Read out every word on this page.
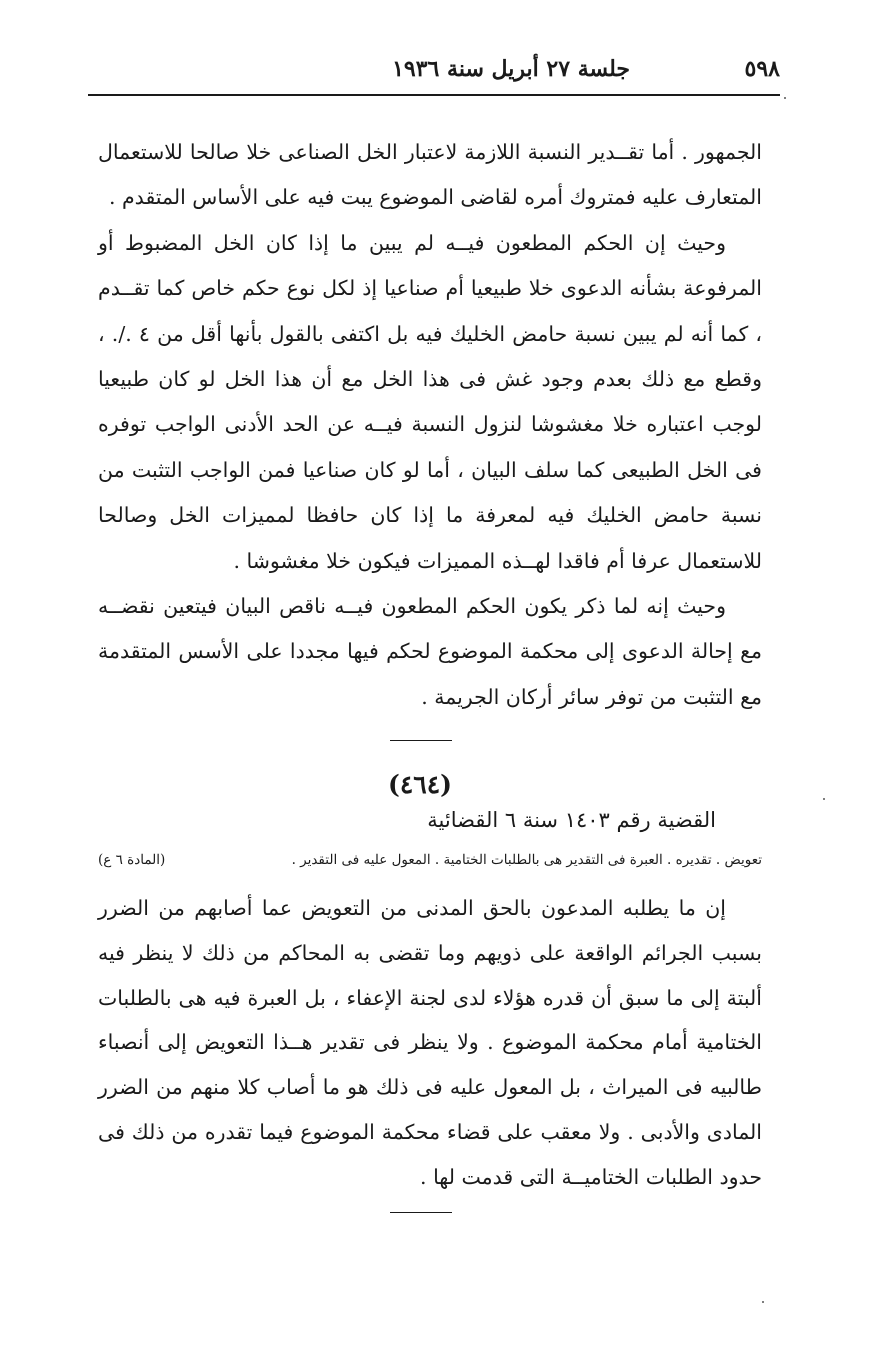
٥٩٨
جلسة ٢٧ أبريل سنة ١٩٣٦

الجمهور . أما تقــدير النسبة اللازمة لاعتبار الخل الصناعى خلا صالحا للاستعمال المتعارف عليه فمتروك أمره لقاضى الموضوع يبت فيه على الأساس المتقدم .

وحيث إن الحكم المطعون فيــه لم يبين ما إذا كان الخل المضبوط أو المرفوعة بشأنه الدعوى خلا طبيعيا أم صناعيا إذ لكل نوع حكم خاص كما تقــدم ، كما أنه لم يبين نسبة حامض الخليك فيه بل اكتفى بالقول بأنها أقل من ٤ ./. ، وقطع مع ذلك بعدم وجود غش فى هذا الخل مع أن هذا الخل لو كان طبيعيا لوجب اعتباره خلا مغشوشا لنزول النسبة فيــه عن الحد الأدنى الواجب توفره فى الخل الطبيعى كما سلف البيان ، أما لو كان صناعيا فمن الواجب التثبت من نسبة حامض الخليك فيه لمعرفة ما إذا كان حافظا لمميزات الخل وصالحا للاستعمال عرفا أم فاقدا لهــذه المميزات فيكون خلا مغشوشا .

وحيث إنه لما ذكر يكون الحكم المطعون فيــه ناقص البيان فيتعين نقضــه مع إحالة الدعوى إلى محكمة الموضوع لحكم فيها مجددا على الأسس المتقدمة مع التثبت من توفر سائر أركان الجريمة .

(٤٦٤)
القضية رقم ١٤٠٣ سنة ٦ القضائية
تعويض . تقديره . العبرة فى التقدير هى بالطلبات الختامية . المعول عليه فى التقدير .
(المادة ٦ ع)

إن ما يطلبه المدعون بالحق المدنى من التعويض عما أصابهم من الضرر بسبب الجرائم الواقعة على ذويهم وما تقضى به المحاكم من ذلك لا ينظر فيه ألبتة إلى ما سبق أن قدره هؤلاء لدى لجنة الإعفاء ، بل العبرة فيه هى بالطلبات الختامية أمام محكمة الموضوع . ولا ينظر فى تقدير هــذا التعويض إلى أنصباء طالبيه فى الميراث ، بل المعول عليه فى ذلك هو ما أصاب كلا منهم من الضرر المادى والأدبى . ولا معقب على قضاء محكمة الموضوع فيما تقدره من ذلك فى حدود الطلبات الختاميــة التى قدمت لها .
